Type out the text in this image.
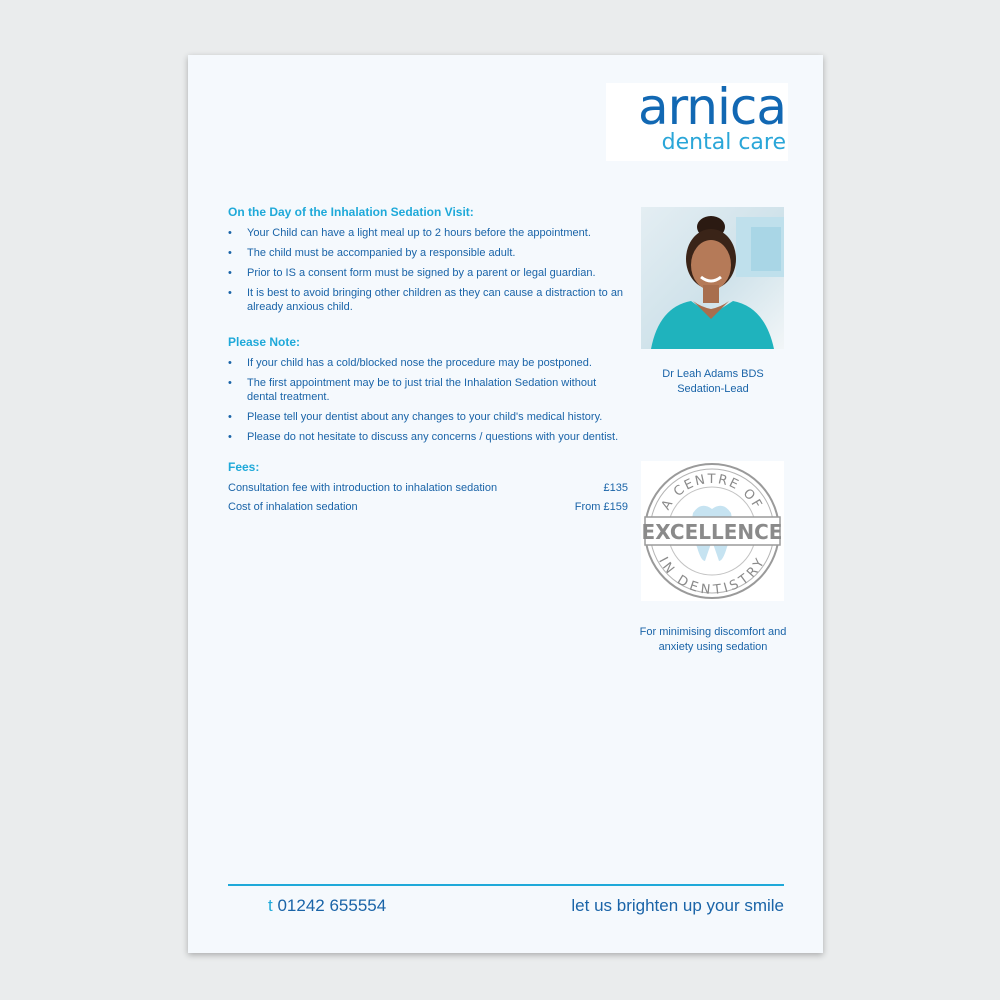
arnica
dental care
On the Day of the Inhalation Sedation Visit:
• Your Child can have a light meal up to 2 hours before the appointment.
• The child must be accompanied by a responsible adult.
• Prior to IS a consent form must be signed by a parent or legal guardian.
• It is best to avoid bringing other children as they can cause a distraction to an already anxious child.
Please Note:
• If your child has a cold/blocked nose the procedure may be postponed.
• The first appointment may be to just trial the Inhalation Sedation without dental treatment.
• Please tell your dentist about any changes to your child's medical history.
• Please do not hesitate to discuss any concerns / questions with your dentist.
Fees:
Consultation fee with introduction to inhalation sedation	£135
Cost of inhalation sedation	From £159
Dr Leah Adams BDS
Sedation-Lead
EXCELLENCE
A CENTRE OF
IN DENTISTRY
For minimising discomfort and
anxiety using sedation
t 01242 655554	let us brighten up your smile
